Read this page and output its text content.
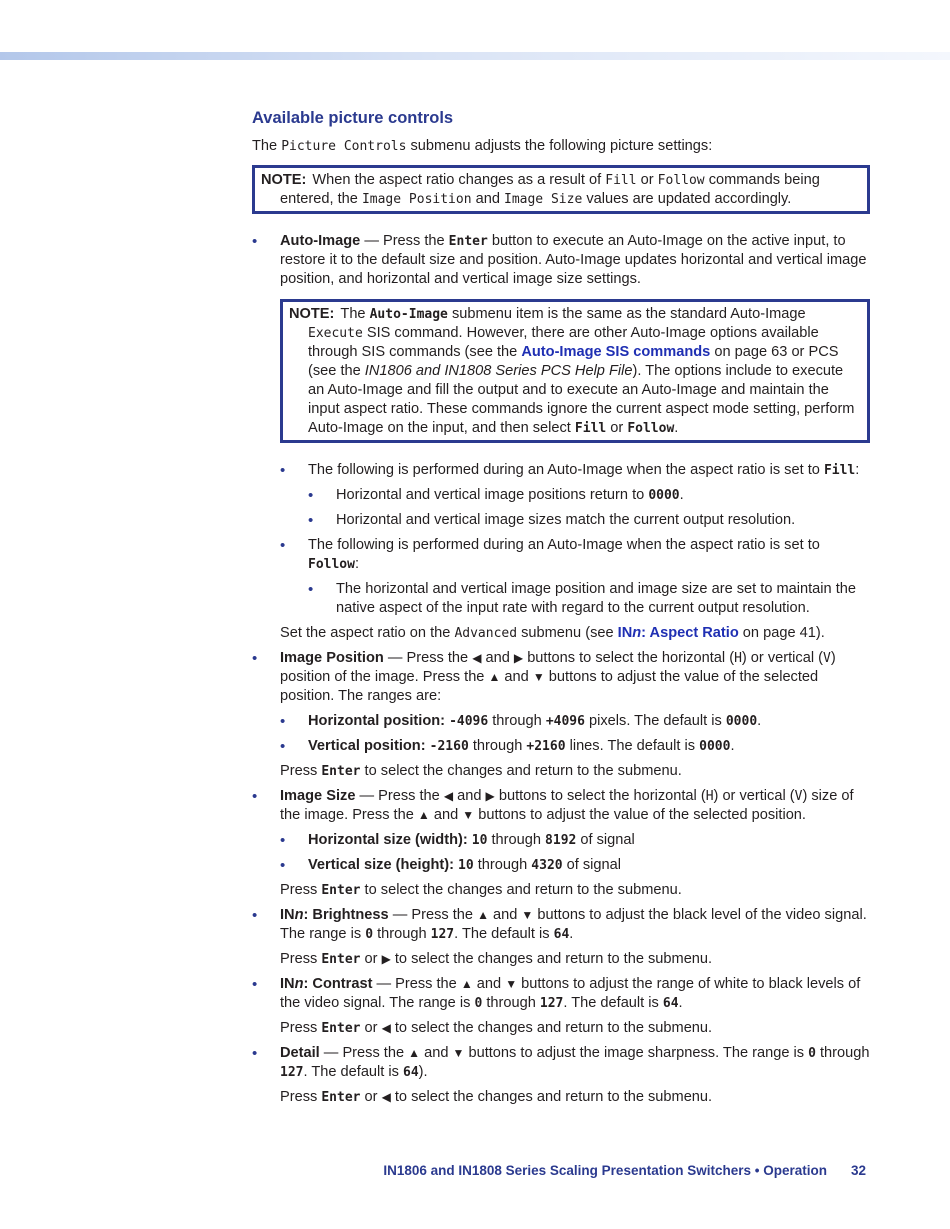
Available picture controls

The Picture Controls submenu adjusts the following picture settings:

NOTE: When the aspect ratio changes as a result of Fill or Follow commands being entered, the Image Position and Image Size values are updated accordingly.

• Auto-Image — Press the Enter button to execute an Auto-Image on the active input, to restore it to the default size and position. Auto-Image updates horizontal and vertical image position, and horizontal and vertical image size settings.

NOTE: The Auto-Image submenu item is the same as the standard Auto-Image Execute SIS command. However, there are other Auto-Image options available through SIS commands (see the Auto-Image SIS commands on page 63 or PCS (see the IN1806 and IN1808 Series PCS Help File). The options include to execute an Auto-Image and fill the output and to execute an Auto-Image and maintain the input aspect ratio. These commands ignore the current aspect mode setting, perform Auto-Image on the input, and then select Fill or Follow.

• The following is performed during an Auto-Image when the aspect ratio is set to Fill:

• Horizontal and vertical image positions return to 0000.

• Horizontal and vertical image sizes match the current output resolution.

• The following is performed during an Auto-Image when the aspect ratio is set to Follow:

• The horizontal and vertical image position and image size are set to maintain the native aspect of the input rate with regard to the current output resolution.

Set the aspect ratio on the Advanced submenu (see INn: Aspect Ratio on page 41).

• Image Position — Press the ◀ and ▶ buttons to select the horizontal (H) or vertical (V) position of the image. Press the ▲ and ▼ buttons to adjust the value of the selected position. The ranges are:

• Horizontal position: -4096 through +4096 pixels. The default is 0000.

• Vertical position: -2160 through +2160 lines. The default is 0000.

Press Enter to select the changes and return to the submenu.

• Image Size — Press the ◀ and ▶ buttons to select the horizontal (H) or vertical (V) size of the image. Press the ▲ and ▼ buttons to adjust the value of the selected position.

• Horizontal size (width): 10 through 8192 of signal

• Vertical size (height): 10 through 4320 of signal

Press Enter to select the changes and return to the submenu.

• INn: Brightness — Press the ▲ and ▼ buttons to adjust the black level of the video signal. The range is 0 through 127. The default is 64.

Press Enter or ▶ to select the changes and return to the submenu.

• INn: Contrast — Press the ▲ and ▼ buttons to adjust the range of white to black levels of the video signal. The range is 0 through 127. The default is 64.

Press Enter or ◀ to select the changes and return to the submenu.

• Detail — Press the ▲ and ▼ buttons to adjust the image sharpness. The range is 0 through 127. The default is 64).

Press Enter or ◀ to select the changes and return to the submenu.

IN1806 and IN1808 Series Scaling Presentation Switchers • Operation 32
